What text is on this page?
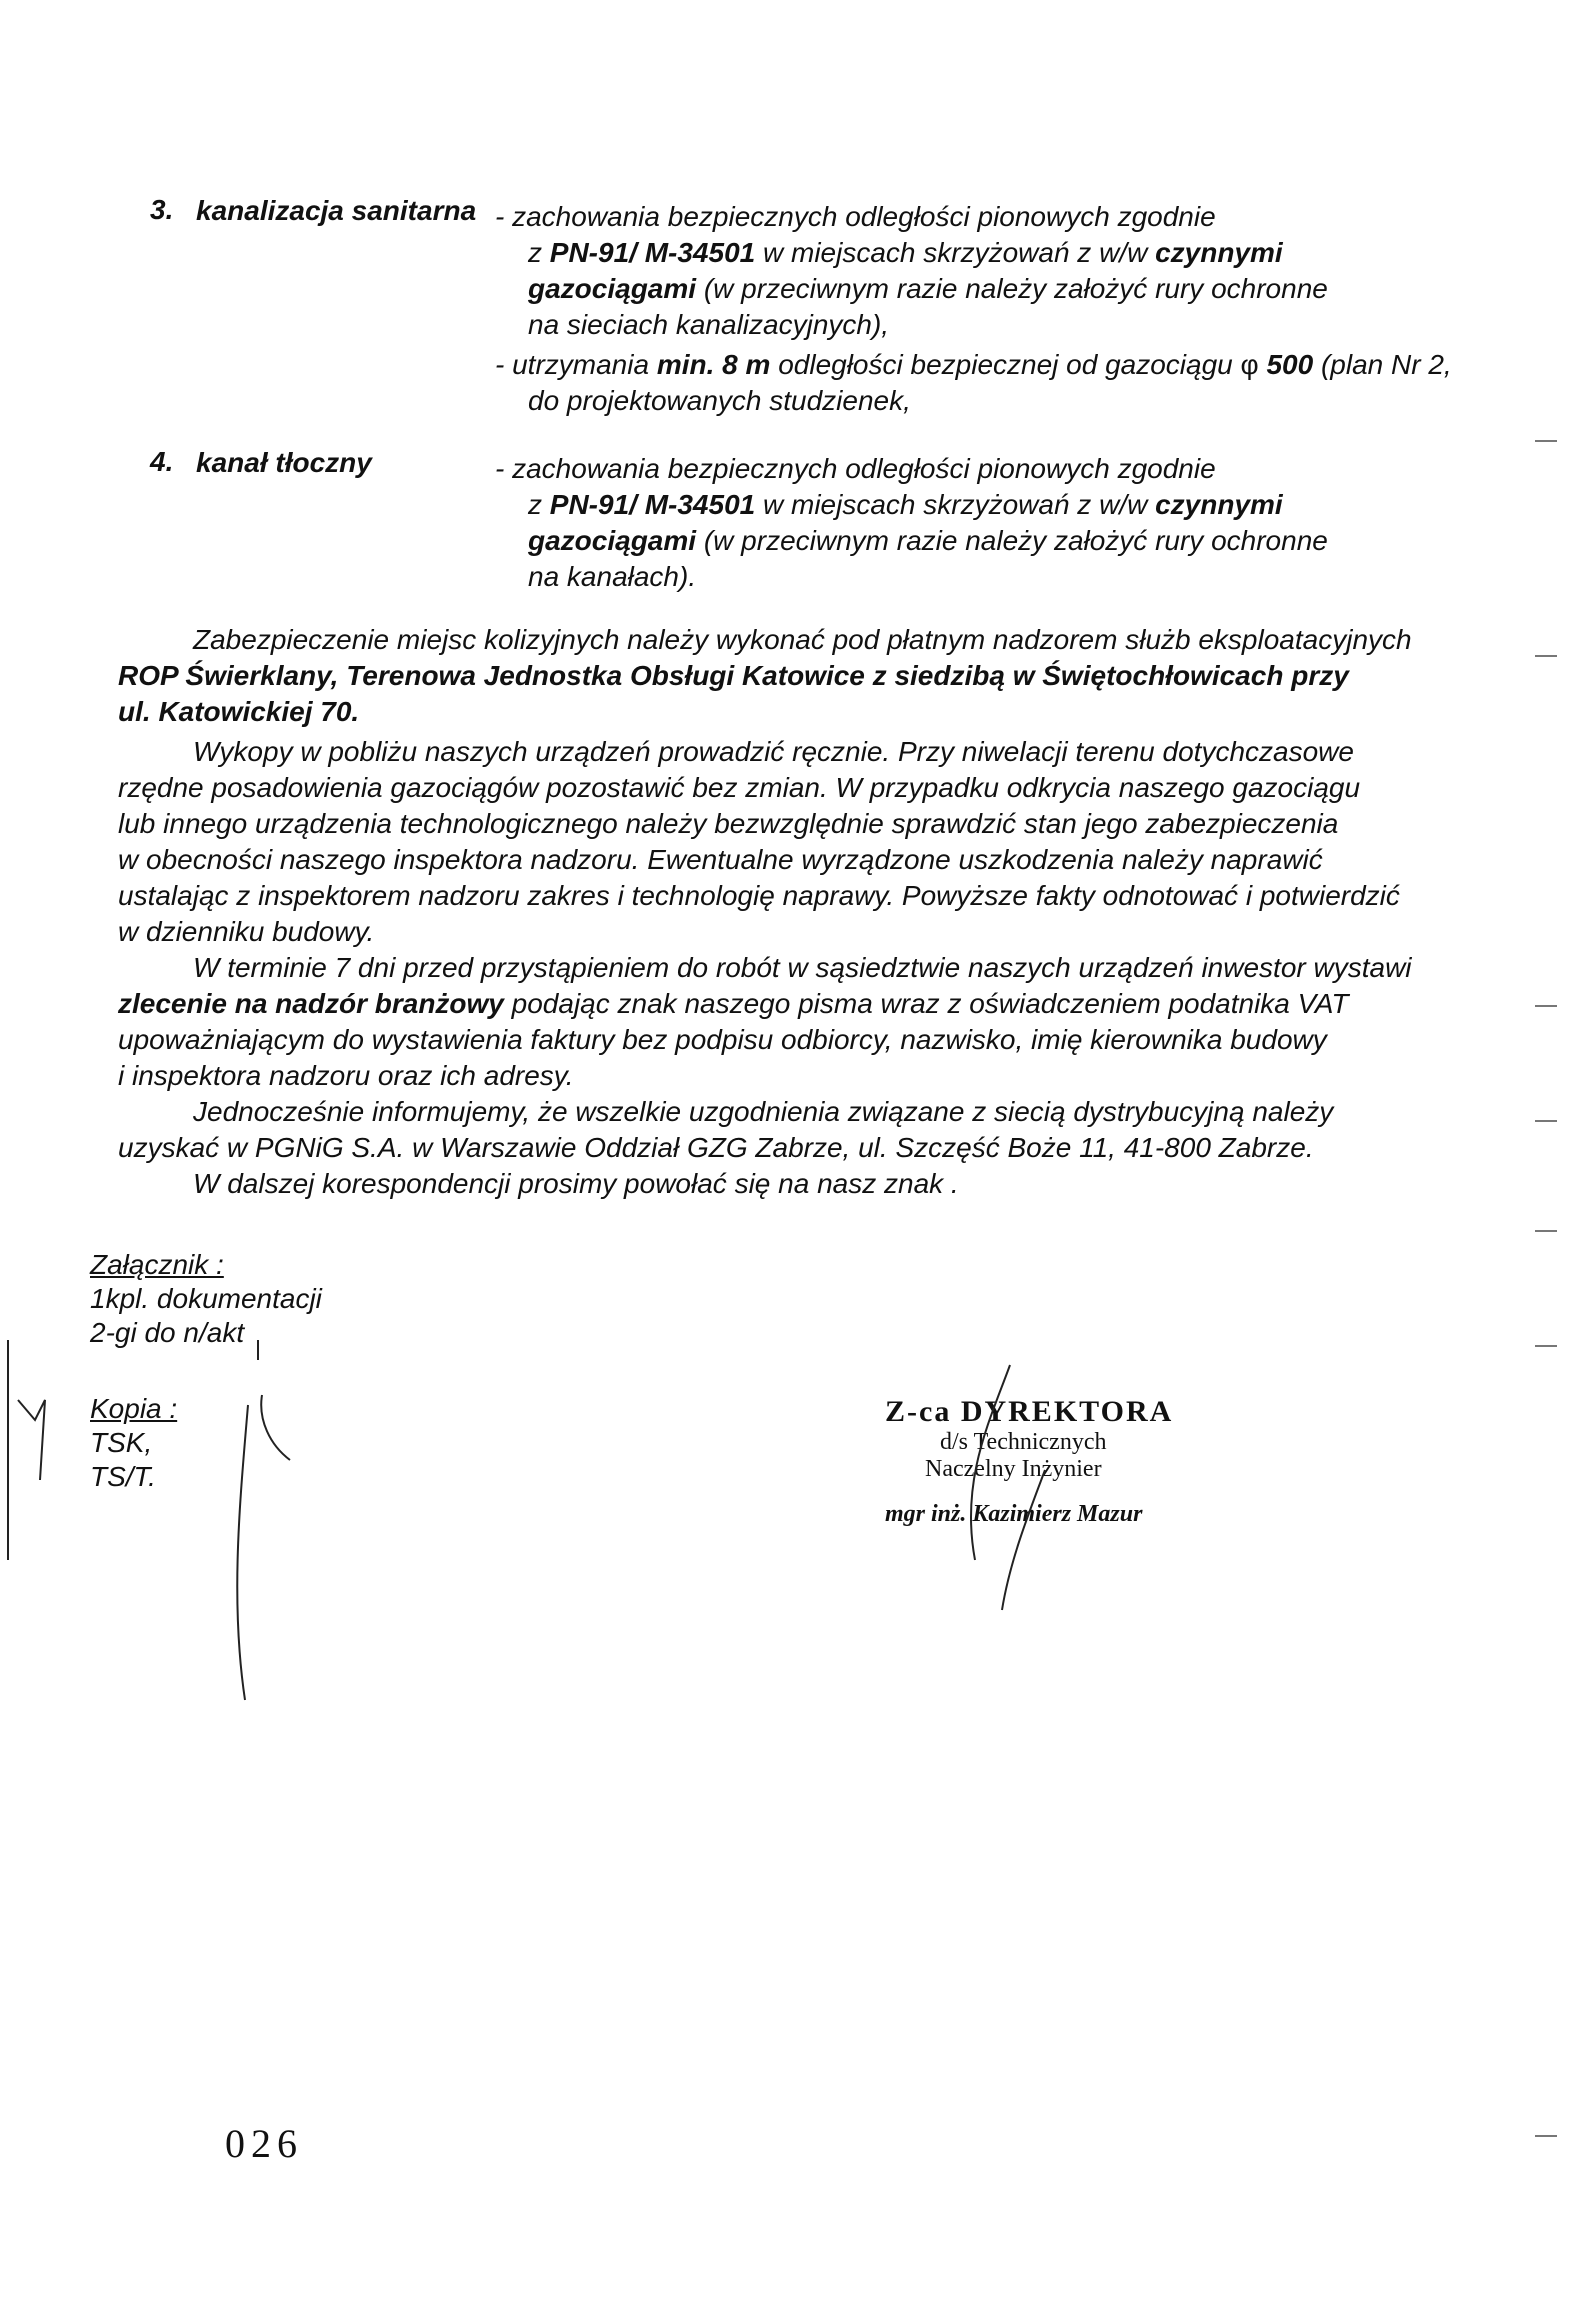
3. kanalizacja sanitarna - zachowania bezpiecznych odległości pionowych zgodnie
z PN-91/ M-34501 w miejscach skrzyżowań z w/w czynnymi
gazociągami (w przeciwnym razie należy założyć rury ochronne
na sieciach kanalizacyjnych),
- utrzymania min. 8 m odległości bezpiecznej od gazociągu φ 500 (plan Nr 2,
do projektowanych studzienek,
4. kanał tłoczny	- zachowania bezpiecznych odległości pionowych zgodnie
z PN-91/ M-34501 w miejscach skrzyżowań z w/w czynnymi
gazociągami (w przeciwnym razie należy założyć rury ochronne
na kanałach).

Zabezpieczenie miejsc kolizyjnych należy wykonać pod płatnym nadzorem służb eksploatacyjnych

ROP Świerklany, Terenowa Jednostka Obsługi Katowice z siedzibą w Świętochłowicach przy

ul. Katowickiej 70.

Wykopy w pobliżu naszych urządzeń prowadzić ręcznie. Przy niwelacji terenu dotychczasowe

rzędne posadowienia gazociągów pozostawić bez zmian. W przypadku odkrycia naszego gazociągu

lub innego urządzenia technologicznego należy bezwzględnie sprawdzić stan jego zabezpieczenia

w obecności naszego inspektora nadzoru. Ewentualne wyrządzone uszkodzenia należy naprawić

ustalając z inspektorem nadzoru zakres i technologię naprawy. Powyższe fakty odnotować i potwierdzić

w dzienniku budowy.

W terminie 7 dni przed przystąpieniem do robót w sąsiedztwie naszych urządzeń inwestor wystawi

zlecenie na nadzór branżowy podając znak naszego pisma wraz z oświadczeniem podatnika VAT

upoważniającym do wystawienia faktury bez podpisu odbiorcy, nazwisko, imię kierownika budowy

i inspektora nadzoru oraz ich adresy.

Jednocześnie informujemy, że wszelkie uzgodnienia związane z siecią dystrybucyjną należy

uzyskać w PGNiG S.A. w Warszawie Oddział GZG Zabrze, ul. Szczęść Boże 11, 41-800 Zabrze.

W dalszej korespondencji prosimy powołać się na nasz znak .

Załącznik :
1kpl. dokumentacji
2-gi do n/akt
Kopia :
TSK,
TS/T.
Z-ca DYREKTORA
d/s Technicznych
Naczelny Inżynier
mgr inż. Kazimierz Mazur
026
